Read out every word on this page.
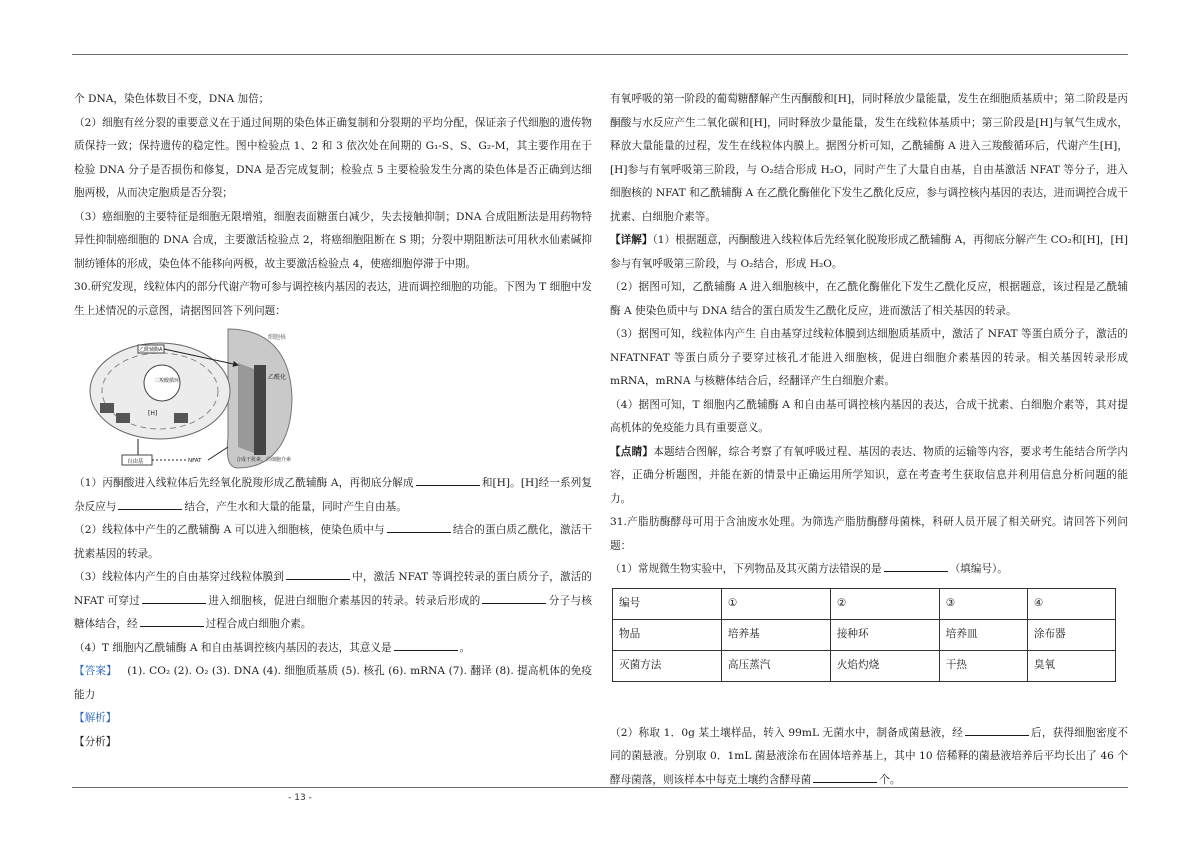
个 DNA，染色体数目不变，DNA 加倍；

（2）细胞有丝分裂的重要意义在于通过间期的染色体正确复制和分裂期的平均分配，保证亲子代细胞的遗传物质保持一致；保持遗传的稳定性。图中检验点 1、2 和 3 依次处在间期的 G₁-S、S、G₂-M，其主要作用在于检验 DNA 分子是否损伤和修复，DNA 是否完成复制；检验点 5 主要检验发生分离的染色体是否正确到达细胞两极，从而决定胞质是否分裂；

（3）癌细胞的主要特征是细胞无限增殖，细胞表面糖蛋白减少，失去接触抑制；DNA 合成阻断法是用药物特异性抑制癌细胞的 DNA 合成，主要激活检验点 2，将癌细胞阻断在 S 期；分裂中期阻断法可用秋水仙素碱抑制纺锤体的形成，染色体不能移向两极，故主要激活检验点 4，使癌细胞停滞于中期。

30.研究发现，线粒体内的部分代谢产物可参与调控核内基因的表达，进而调控细胞的功能。下图为 T 细胞中发生上述情况的示意图，请据图回答下列问题：

细胞核
乙酰化
三羧酸循环
乙酰辅酶A
[H]
自由基	NFAT	合成干扰素、白细胞介素

（1）丙酮酸进入线粒体后先经氧化脱羧形成乙酰辅酶 A，再彻底分解成	和[H]。[H]经一系列复杂反应与	结合，产生水和大量的能量，同时产生自由基。

（2）线粒体中产生的乙酰辅酶 A 可以进入细胞核，使染色质中与	结合的蛋白质乙酰化，激活干扰素基因的转录。

（3）线粒体内产生的自由基穿过线粒体膜到	中，激活 NFAT 等调控转录的蛋白质分子，激活的 NFAT 可穿过	进入细胞核，促进白细胞介素基因的转录。转录后形成的	分子与核糖体结合，经	过程合成白细胞介素。

（4）T 细胞内乙酰辅酶 A 和自由基调控核内基因的表达，其意义是	。

【答案】 (1). CO₂ (2). O₂ (3). DNA (4). 细胞质基质 (5). 核孔 (6). mRNA (7). 翻译 (8). 提高机体的免疫能力

【解析】

【分析】

有氧呼吸的第一阶段的葡萄糖酵解产生丙酮酸和[H]，同时释放少量能量，发生在细胞质基质中；第二阶段是丙酮酸与水反应产生二氧化碳和[H]，同时释放少量能量，发生在线粒体基质中；第三阶段是[H]与氧气生成水，释放大量能量的过程，发生在线粒体内膜上。据图分析可知，乙酰辅酶 A 进入三羧酸循环后，代谢产生[H]，[H]参与有氧呼吸第三阶段，与 O₂结合形成 H₂O，同时产生了大量自由基，自由基激活 NFAT 等分子，进入细胞核的 NFAT 和乙酰辅酶 A 在乙酰化酶催化下发生乙酰化反应，参与调控核内基因的表达，进而调控合成干扰素、白细胞介素等。

【详解】（1）根据题意，丙酮酸进入线粒体后先经氧化脱羧形成乙酰辅酶 A，再彻底分解产生 CO₂和[H]，[H]参与有氧呼吸第三阶段，与 O₂结合，形成 H₂O。

（2）据图可知，乙酰辅酶 A 进入细胞核中，在乙酰化酶催化下发生乙酰化反应，根据题意，该过程是乙酰辅酶 A 使染色质中与 DNA 结合的蛋白质发生乙酰化反应，进而激活了相关基因的转录。

（3）据图可知，线粒体内产生 自由基穿过线粒体膜到达细胞质基质中，激活了 NFAT 等蛋白质分子，激活的 NFATNFAT 等蛋白质分子要穿过核孔才能进入细胞核，促进白细胞介素基因的转录。相关基因转录形成 mRNA，mRNA 与核糖体结合后，经翻译产生白细胞介素。

（4）据图可知，T 细胞内乙酰辅酶 A 和自由基可调控核内基因的表达，合成干扰素、白细胞介素等，其对提高机体的免疫能力具有重要意义。

【点睛】本题结合图解，综合考察了有氧呼吸过程、基因的表达、物质的运输等内容，要求考生能结合所学内容，正确分析题图，并能在新的情景中正确运用所学知识，意在考查考生获取信息并利用信息分析问题的能力。

31.产脂肪酶酵母可用于含油废水处理。为筛选产脂肪酶酵母菌株，科研人员开展了相关研究。请回答下列问题：

（1）常规微生物实验中，下列物品及其灭菌方法错误的是	（填编号）。

编号	①	②	③	④
物品	培养基	接种环	培养皿	涂布器
灭菌方法	高压蒸汽	火焰灼烧	干热	臭氧

（2）称取 1．0g 某土壤样品，转入 99mL 无菌水中，制备成菌悬液，经	后，获得细胞密度不同的菌悬液。分别取 0．1mL 菌悬液涂布在固体培养基上，其中 10 倍稀释的菌悬液培养后平均长出了 46 个酵母菌落，则该样本中每克土壤约含酵母菌	个。

- 13 -
